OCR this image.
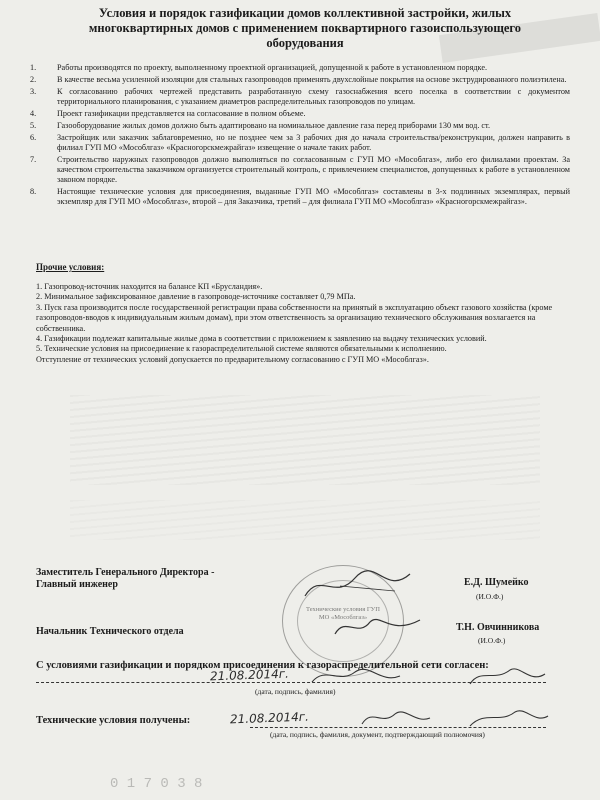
Условия и порядок газификации домов коллективной застройки, жилых многоквартирных домов с применением поквартирного газоиспользующего оборудования
1.	Работы производятся по проекту, выполненному проектной организацией, допущенной к работе в установленном порядке.
2.	В качестве весьма усиленной изоляции для стальных газопроводов применять двухслойные покрытия на основе экструдированного полиэтилена.
3.	К согласованию рабочих чертежей представить разработанную схему газоснабжения всего поселка в соответствии с документом территориального планирования, с указанием диаметров распределительных газопроводов по улицам.
4.	Проект газификации представляется на согласование в полном объеме.
5.	Газооборудование жилых домов должно быть адаптировано на номинальное давление газа перед приборами 130 мм вод. ст.
6.	Застройщик или заказчик заблаговременно, но не позднее чем за 3 рабочих дня до начала строительства/реконструкции, должен направить в филиал ГУП МО «Мособлгаз» «Красногорскмежрайгаз» извещение о начале таких работ.
7.	Строительство наружных газопроводов должно выполняться по согласованным с ГУП МО «Мособлгаз», либо его филиалами проектам. За качеством строительства заказчиком организуется строительный контроль, с привлечением специалистов, допущенных к работе в установленном законом порядке.
8.	Настоящие технические условия для присоединения, выданные ГУП МО «Мособлгаз» составлены в 3-х подлинных экземплярах, первый экземпляр для ГУП МО «Мособлгаз», второй – для Заказчика, третий – для филиала ГУП МО «Мособлгаз» «Красногорскмежрайгаз».
Прочие условия:

1. Газопровод-источник находится на балансе КП «Брусландия».

2. Минимальное зафиксированное давление в газопроводе-источнике составляет 0,79 МПа.

3. Пуск газа производится после государственной регистрации права собственности на принятый в эксплуатацию объект газового хозяйства (кроме газопроводов-вводов к индивидуальным жилым домам), при этом ответственность за организацию технического обслуживания возлагается на собственника.

4. Газификации подлежат капитальные жилые дома в соответствии с приложением к заявлению на выдачу технических условий.

5. Технические условия на присоединение к газораспределительной системе являются обязательными к исполнению.

Отступление от технических условий допускается по предварительному согласованию с ГУП МО «Мособлгаз».

Заместитель Генерального Директора - Главный инженер	Е.Д. Шумейко
(И.О.Ф.)
Технические условия ГУП МО «Мособлгаз»
Начальник Технического отдела	Т.Н. Овчинникова
(И.О.Ф.)
С условиями газификации и порядком присоединения к газораспределительной сети согласен:
21.08.2014г.
(дата, подпись, фамилия)
Технические условия получены:	21.08.2014г.
(дата, подпись, фамилия, документ, подтверждающий полномочия)
0 1 7 0 3 8
